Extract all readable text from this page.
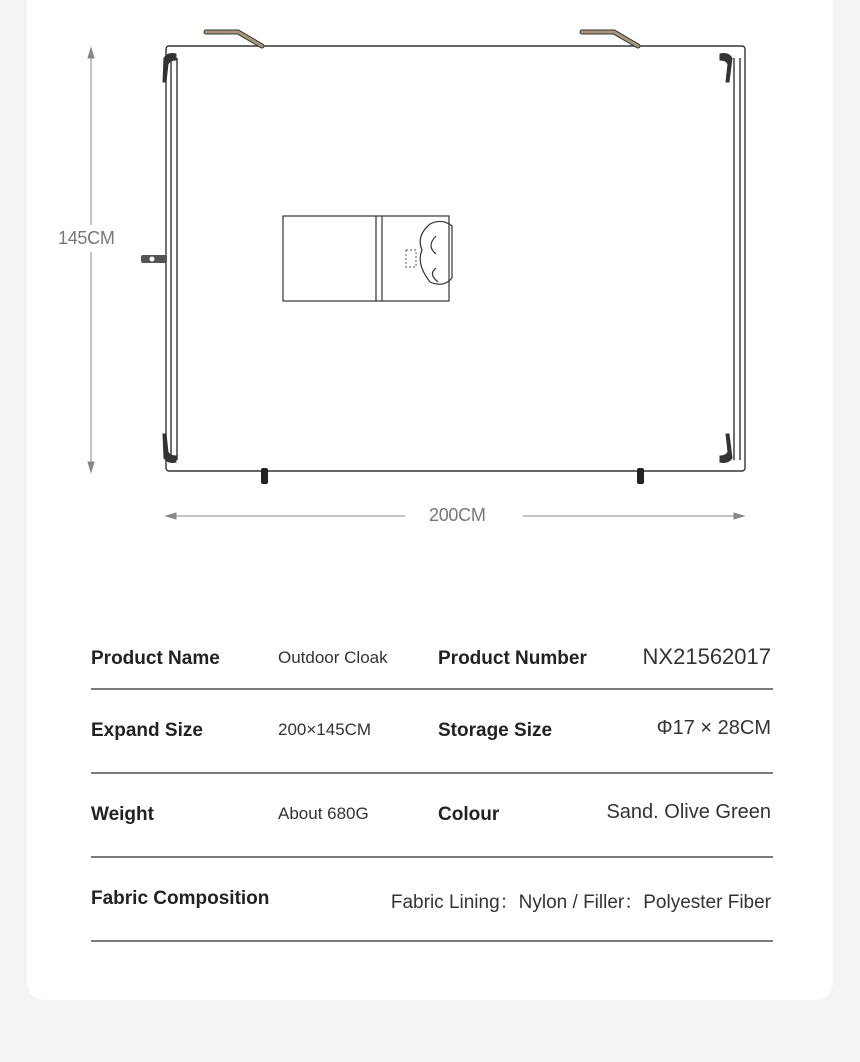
145CM
200CM
Product Name	Outdoor Cloak	Product Number	NX21562017
Expand Size	200×145CM	Storage Size	Φ17 × 28CM
Weight	About 680G	Colour	Sand. Olive Green
Fabric Composition	Fabric Lining：Nylon / Filler：Polyester Fiber
